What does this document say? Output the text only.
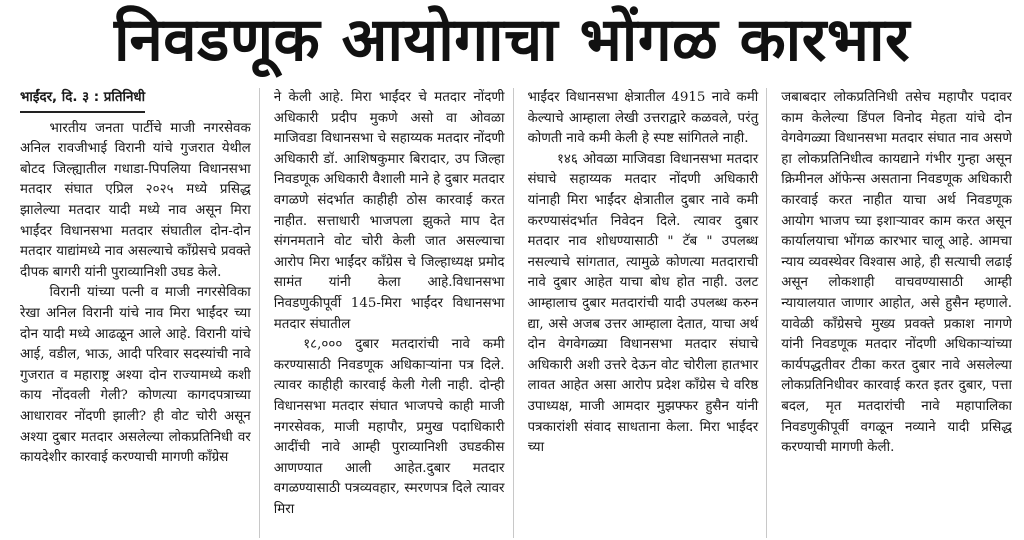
निवडणूक आयोगाचा भोंगळ कारभार
भाईंदर, दि. ३ : प्रतिनिधी

भारतीय जनता पार्टीचे माजी नगरसेवक अनिल रावजीभाई विरानी यांचे गुजरात येथील बोटद जिल्ह्यातील गधाडा-पिपलिया विधानसभा मतदार संघात एप्रिल २०२५ मध्ये प्रसिद्ध झालेल्या मतदार यादी मध्ये नाव असून मिरा भाईंदर विधानसभा मतदार संघातील दोन-दोन मतदार याद्यांमध्ये नाव असल्याचे कॉंग्रेसचे प्रवक्ते दीपक बागरी यांनी पुराव्यानिशी उघड केले.

विरानी यांच्या पत्नी व माजी नगरसेविका रेखा अनिल विरानी यांचे नाव मिरा भाईंदर च्या दोन यादी मध्ये आढळून आले आहे. विरानी यांचे आई, वडील, भाऊ, आदी परिवार सदस्यांची नावे गुजरात व महाराष्ट्र अश्या दोन राज्यामध्ये कशी काय नोंदवली गेली? कोणत्या कागदपत्राच्या आधारावर नोंदणी झाली? ही वोट चोरी असून अश्या दुबार मतदार असलेल्या लोकप्रतिनिधी वर कायदेशीर कारवाई करण्याची मागणी कॉंग्रेस

ने केली आहे. मिरा भाईंदर चे मतदार नोंदणी अधिकारी प्रदीप मुकणे असो वा ओवळा माजिवडा विधानसभा चे सहाय्यक मतदार नोंदणी अधिकारी डॉ. आशिषकुमार बिरादार, उप जिल्हा निवडणूक अधिकारी वैशाली माने हे दुबार मतदार वगळणे संदर्भात काहीही ठोस कारवाई करत नाहीत. सत्ताधारी भाजपला झुकते माप देत संगनमताने वोट चोरी केली जात असल्याचा आरोप मिरा भाईंदर कॉंग्रेस चे जिल्हाध्यक्ष प्रमोद सामंत यांनी केला आहे.विधानसभा निवडणुकीपूर्वी 145-मिरा भाईंदर विधानसभा मतदार संघातील

१८,००० दुबार मतदारांची नावे कमी करण्यासाठी निवडणूक अधिकाऱ्यांना पत्र दिले. त्यावर काहीही कारवाई केली गेली नाही. दोन्ही विधानसभा मतदार संघात भाजपचे काही माजी नगरसेवक, माजी महापौर, प्रमुख पदाधिकारी आदींची नावे आम्ही पुराव्यानिशी उघडकीस आणण्यात आली आहेत.दुबार मतदार वगळण्यासाठी पत्रव्यवहार, स्मरणपत्र दिले त्यावर मिरा

भाईंदर विधानसभा क्षेत्रातील 4915 नावे कमी केल्याचे आम्हाला लेखी उत्तराद्वारे कळवले, परंतु कोणती नावे कमी केली हे स्पष्ट सांगितले नाही.

१४६ ओवळा माजिवडा विधानसभा मतदार संघाचे सहाय्यक मतदार नोंदणी अधिकारी यांनाही मिरा भाईंदर क्षेत्रातील दुबार नावे कमी करण्यासंदर्भात निवेदन दिले. त्यावर दुबार मतदार नाव शोधण्यासाठी " टॅब " उपलब्ध नसल्याचे सांगतात, त्यामुळे कोणत्या मतदाराची नावे दुबार आहेत याचा बोध होत नाही. उलट आम्हालाच दुबार मतदारांची यादी उपलब्ध करुन द्या, असे अजब उत्तर आम्हाला देतात, याचा अर्थ दोन वेगवेगळ्या विधानसभा मतदार संघाचे अधिकारी अशी उत्तरे देऊन वोट चोरीला हातभार लावत आहेत असा आरोप प्रदेश कॉंग्रेस चे वरिष्ठ उपाध्यक्ष, माजी आमदार मुझफ्फर हुसैन यांनी पत्रकारांशी संवाद साधताना केला. मिरा भाईंदर च्या

जबाबदार लोकप्रतिनिधी तसेच महापौर पदावर काम केलेल्या डिंपल विनोद मेहता यांचे दोन वेगवेगळ्या विधानसभा मतदार संघात नाव असणे हा लोकप्रतिनिधीत्व कायद्याने गंभीर गुन्हा असून क्रिमीनल ऑफेन्स असताना निवडणूक अधिकारी कारवाई करत नाहीत याचा अर्थ निवडणूक आयोग भाजप च्या इशाऱ्यावर काम करत असून कार्यालयाचा भोंगळ कारभार चालू आहे. आमचा न्याय व्यवस्थेवर विश्वास आहे, ही सत्याची लढाई असून लोकशाही वाचवण्यासाठी आम्ही न्यायालयात जाणार आहोत, असे हुसैन म्हणाले. यावेळी कॉंग्रेसचे मुख्य प्रवक्ते प्रकाश नागणे यांनी निवडणूक मतदार नोंदणी अधिकाऱ्यांच्या कार्यपद्धतीवर टीका करत दुबार नावे असलेल्या लोकप्रतिनिधीवर कारवाई करत इतर दुबार, पत्ता बदल, मृत मतदारांची नावे महापालिका निवडणुकीपूर्वी वगळून नव्याने यादी प्रसिद्ध करण्याची मागणी केली.
